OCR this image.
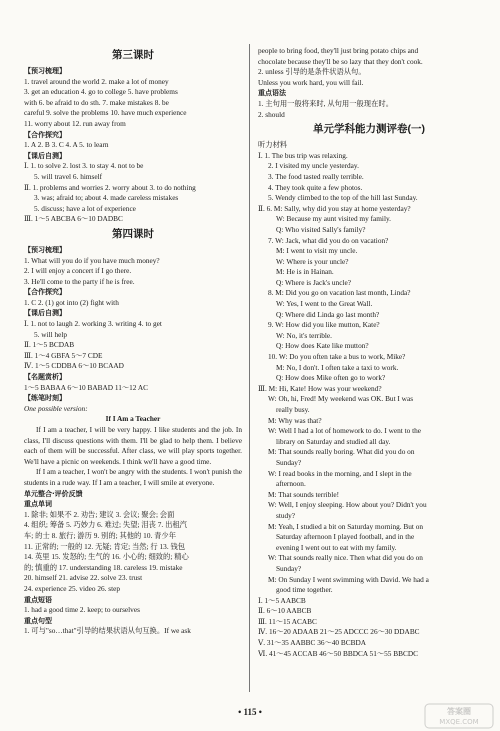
第三课时
【预习梳理】
1. travel around the world 2. make a lot of money
3. get an education 4. go to college 5. have problems
with 6. be afraid to do sth. 7. make mistakes 8. be
careful 9. solve the problems 10. have much experience
11. worry about 12. run away from
【合作探究】
1. A 2. B 3. C 4. A 5. to learn
【课后自测】
Ⅰ. 1. to solve 2. lost 3. to stay 4. not to be
5. will travel 6. himself
Ⅱ. 1. problems and worries 2. worry about 3. to do nothing
3. was; afraid to; about 4. made careless mistakes
5. discuss; have a lot of experience
Ⅲ. 1～5 ABCBA 6～10 DADBC
第四课时
【预习梳理】
1. What will you do if you have much money?
2. I will enjoy a concert if I go there.
3. He'll come to the party if he is free.
【合作探究】
1. C 2. (1) got into (2) fight with
【课后自测】
Ⅰ. 1. not to laugh 2. working 3. writing 4. to get
5. will help
Ⅱ. 1～5 BCDAB
Ⅲ. 1～4 GBFA 5～7 CDE
Ⅳ. 1～5 CDDBA 6～10 BCAAD
【名题赏析】
1～5 BABAA 6～10 BABAD 11～12 AC
【练笔时刻】
One possible version:
If I Am a Teacher
If I am a teacher, I will be very happy. I like students and the job. In class, I'll discuss questions with them. I'll be glad to help them. I believe each of them will be successful. After class, we will play sports together. We'll have a picnic on weekends. I think we'll have a good time.
If I am a teacher, I won't be angry with the students. I won't punish the students in a rude way. If I am a teacher, I will smile at everyone.
单元整合·评价反馈
重点单词
1. 除非; 如果不 2. 劝告; 建议 3. 会议; 聚会; 会面
4. 组织; 筹备 5. 巧妙力 6. 难过; 失望; 泪丧 7. 出租汽
车; 的士 8. 旅行; 游历 9. 别的; 其他的 10. 青少年
11. 正常的; 一般的 12. 无疑; 肯定; 当然; 行 13. 钱包
14. 英里 15. 发怒的; 生气的 16. 小心的; 细致的; 精心
的; 慎重的 17. understanding 18. careless 19. mistake
20. himself 21. advise 22. solve 23. trust
24. experience 25. video 26. step
重点短语
1. had a good time 2. keep; to ourselves
重点句型
1. 可与"so…that"引导的结果状语从句互换。If we ask
people to bring food, they'll just bring potato chips and
chocolate because they'll be so lazy that they don't cook.
2. unless 引导的是条件状语从句。
Unless you work hard, you will fail.
重点语法
1. 主句用一般将来时, 从句用一般现在时。
2. should
单元学科能力测评卷(一)
听力材料
Ⅰ. 1. The bus trip was relaxing.
2. I visited my uncle yesterday.
3. The food tasted really terrible.
4. They took quite a few photos.
5. Wendy climbed to the top of the hill last Sunday.
Ⅱ. 6. M: Sally, why did you stay at home yesterday?
W: Because my aunt visited my family.
Q: Who visited Sally's family?
7. W: Jack, what did you do on vacation?
M: I went to visit my uncle.
W: Where is your uncle?
M: He is in Hainan.
Q: Where is Jack's uncle?
8. M: Did you go on vacation last month, Linda?
W: Yes, I went to the Great Wall.
Q: Where did Linda go last month?
9. W: How did you like mutton, Kate?
W: No, it's terrible.
Q: How does Kate like mutton?
10. W: Do you often take a bus to work, Mike?
M: No, I don't. I often take a taxi to work.
Q: How does Mike often go to work?
Ⅲ. M: Hi, Kate! How was your weekend?
W: Oh, hi, Fred! My weekend was OK. But I was
really busy.
M: Why was that?
W: Well I had a lot of homework to do. I went to the
library on Saturday and studied all day.
M: That sounds really boring. What did you do on
Sunday?
W: I read books in the morning, and I slept in the
afternoon.
M: That sounds terrible!
W: Well, I enjoy sleeping. How about you? Didn't you
study?
M: Yeah, I studied a bit on Saturday morning. But on
Saturday afternoon I played football, and in the
evening I went out to eat with my family.
W: That sounds really nice. Then what did you do on
Sunday?
M: On Sunday I went swimming with David. We had a
good time together.
Ⅰ. 1～5 AABCB
Ⅱ. 6～10 AABCB
Ⅲ. 11～15 ACABC
Ⅳ. 16～20 ADAAB 21～25 ADCCC 26～30 DDABC
Ⅴ. 31～35 AABBC 36～40 BCBDA
Ⅵ. 41～45 ACCAB 46～50 BBDCA 51～55 BBCDC
• 115 •	答案圈
MXQE.COM
